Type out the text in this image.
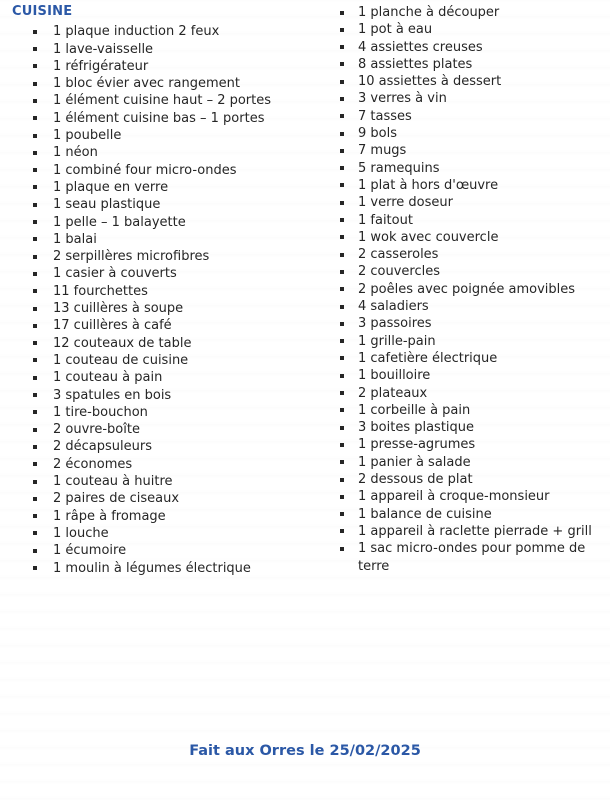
CUISINE
1 plaque induction 2 feux
1 lave-vaisselle
1 réfrigérateur
1 bloc évier avec rangement
1 élément cuisine haut – 2 portes
1 élément cuisine bas – 1 portes
1 poubelle
1 néon
1 combiné four micro-ondes
1 plaque en verre
1 seau plastique
1 pelle – 1 balayette
1 balai
2 serpillères microfibres
1 casier à couverts
11 fourchettes
13 cuillères à soupe
17 cuillères à café
12 couteaux de table
1 couteau de cuisine
1 couteau à pain
3 spatules en bois
1 tire-bouchon
2 ouvre-boîte
2 décapsuleurs
2 économes
1 couteau à huitre
2 paires de ciseaux
1 râpe à fromage
1 louche
1 écumoire
1 moulin à légumes électrique
1 planche à découper
1 pot à eau
4 assiettes creuses
8 assiettes plates
10 assiettes à dessert
3 verres à vin
7 tasses
9 bols
7 mugs
5 ramequins
1 plat à hors d'œuvre
1 verre doseur
1 faitout
1 wok avec couvercle
2 casseroles
2 couvercles
2 poêles avec poignée amovibles
4 saladiers
3 passoires
1 grille-pain
1 cafetière électrique
1 bouilloire
2 plateaux
1 corbeille à pain
3 boites plastique
1 presse-agrumes
1 panier à salade
2 dessous de plat
1 appareil à croque-monsieur
1 balance de cuisine
1 appareil à raclette pierrade + grill
1 sac micro-ondes pour pomme de terre
Fait aux Orres le 25/02/2025
